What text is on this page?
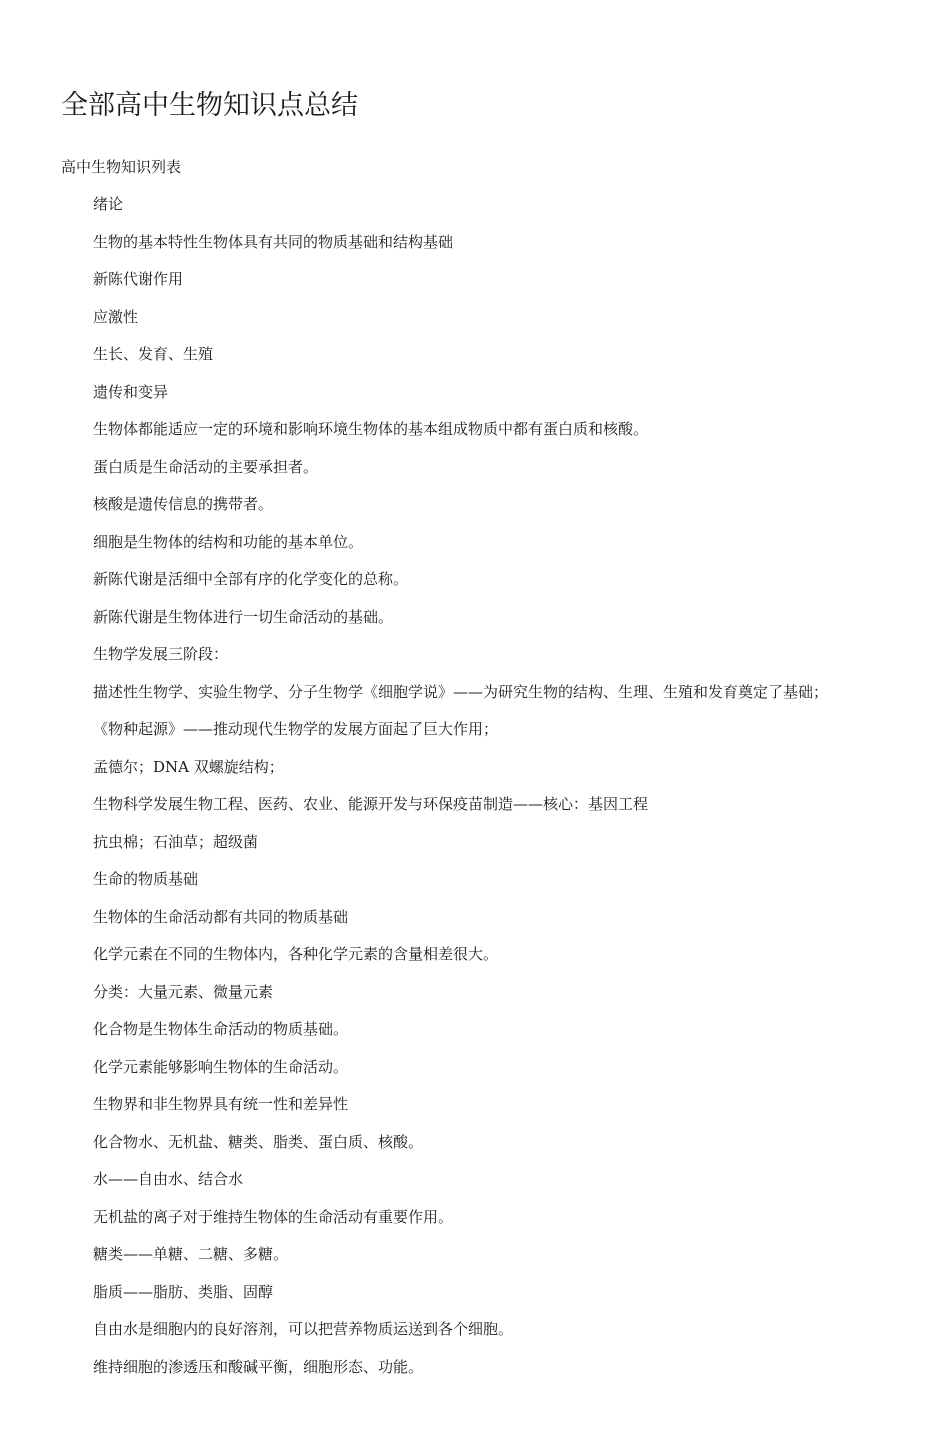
全部高中生物知识点总结
高中生物知识列表
绪论
生物的基本特性生物体具有共同的物质基础和结构基础
新陈代谢作用
应激性
生长、发育、生殖
遗传和变异
生物体都能适应一定的环境和影响环境生物体的基本组成物质中都有蛋白质和核酸。
蛋白质是生命活动的主要承担者。
核酸是遗传信息的携带者。
细胞是生物体的结构和功能的基本单位。
新陈代谢是活细中全部有序的化学变化的总称。
新陈代谢是生物体进行一切生命活动的基础。
生物学发展三阶段：
描述性生物学、实验生物学、分子生物学《细胞学说》——为研究生物的结构、生理、生殖和发育奠定了基础；
《物种起源》——推动现代生物学的发展方面起了巨大作用；
孟德尔；DNA 双螺旋结构；
生物科学发展生物工程、医药、农业、能源开发与环保疫苗制造——核心：基因工程
抗虫棉；石油草；超级菌
生命的物质基础
生物体的生命活动都有共同的物质基础
化学元素在不同的生物体内，各种化学元素的含量相差很大。
分类：大量元素、微量元素
化合物是生物体生命活动的物质基础。
化学元素能够影响生物体的生命活动。
生物界和非生物界具有统一性和差异性
化合物水、无机盐、糖类、脂类、蛋白质、核酸。
水——自由水、结合水
无机盐的离子对于维持生物体的生命活动有重要作用。
糖类——单糖、二糖、多糖。
脂质——脂肪、类脂、固醇
自由水是细胞内的良好溶剂，可以把营养物质运送到各个细胞。
维持细胞的渗透压和酸碱平衡，细胞形态、功能。
